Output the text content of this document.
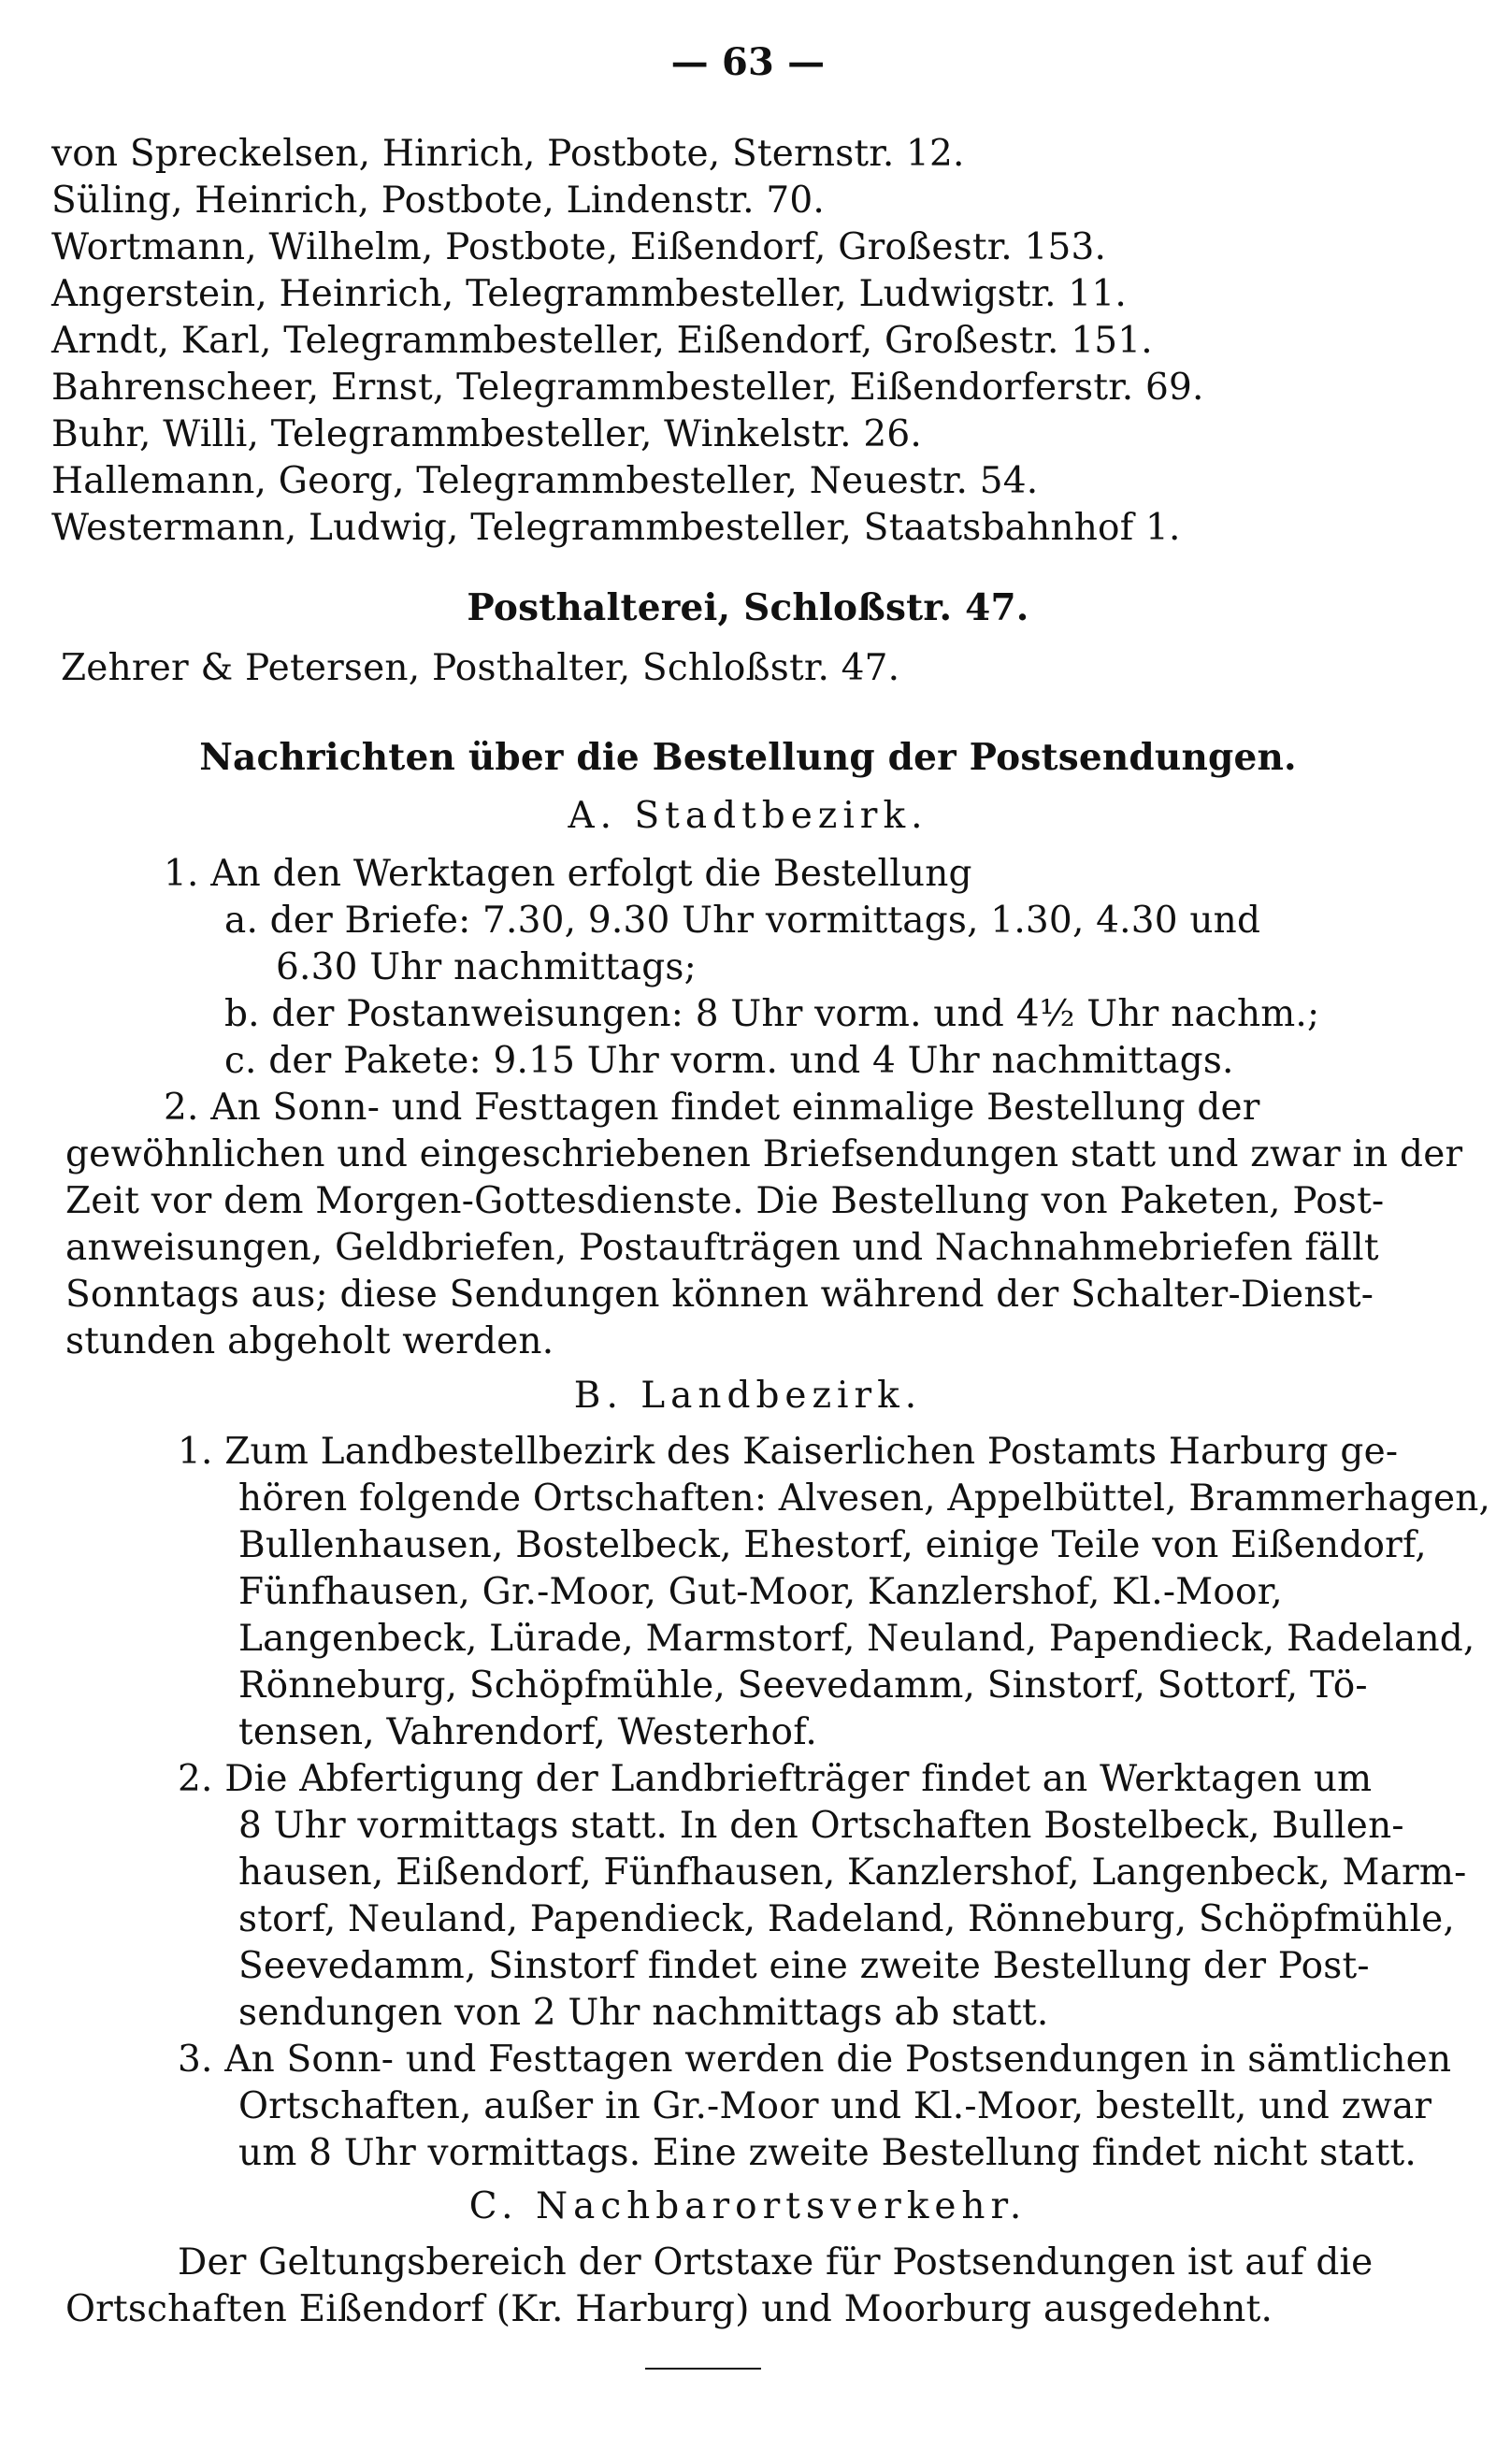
— 63 —
von Spreckelsen, Hinrich, Postbote, Sternstr. 12.
Süling, Heinrich, Postbote, Lindenstr. 70.
Wortmann, Wilhelm, Postbote, Eißendorf, Großestr. 153.
Angerstein, Heinrich, Telegrammbesteller, Ludwigstr. 11.
Arndt, Karl, Telegrammbesteller, Eißendorf, Großestr. 151.
Bahrenscheer, Ernst, Telegrammbesteller, Eißendorferstr. 69.
Buhr, Willi, Telegrammbesteller, Winkelstr. 26.
Hallemann, Georg, Telegrammbesteller, Neuestr. 54.
Westermann, Ludwig, Telegrammbesteller, Staatsbahnhof 1.
Posthalterei, Schloßstr. 47.
Zehrer & Petersen, Posthalter, Schloßstr. 47.
Nachrichten über die Bestellung der Postsendungen.
A. Stadtbezirk.
1. An den Werktagen erfolgt die Bestellung
a. der Briefe: 7.30, 9.30 Uhr vormittags, 1.30, 4.30 und
6.30 Uhr nachmittags;
b. der Postanweisungen: 8 Uhr vorm. und 4½ Uhr nachm.;
c. der Pakete: 9.15 Uhr vorm. und 4 Uhr nachmittags.
2. An Sonn- und Festtagen findet einmalige Bestellung der
gewöhnlichen und eingeschriebenen Briefsendungen statt und zwar in der
Zeit vor dem Morgen-Gottesdienste. Die Bestellung von Paketen, Post-
anweisungen, Geldbriefen, Postaufträgen und Nachnahmebriefen fällt
Sonntags aus; diese Sendungen können während der Schalter-Dienst-
stunden abgeholt werden.
B. Landbezirk.
1. Zum Landbestellbezirk des Kaiserlichen Postamts Harburg ge-
hören folgende Ortschaften: Alvesen, Appelbüttel, Brammerhagen,
Bullenhausen, Bostelbeck, Ehestorf, einige Teile von Eißendorf,
Fünfhausen, Gr.-Moor, Gut-Moor, Kanzlershof, Kl.-Moor,
Langenbeck, Lürade, Marmstorf, Neuland, Papendieck, Radeland,
Rönneburg, Schöpfmühle, Seevedamm, Sinstorf, Sottorf, Tö-
tensen, Vahrendorf, Westerhof.
2. Die Abfertigung der Landbriefträger findet an Werktagen um
8 Uhr vormittags statt. In den Ortschaften Bostelbeck, Bullen-
hausen, Eißendorf, Fünfhausen, Kanzlershof, Langenbeck, Marm-
storf, Neuland, Papendieck, Radeland, Rönneburg, Schöpfmühle,
Seevedamm, Sinstorf findet eine zweite Bestellung der Post-
sendungen von 2 Uhr nachmittags ab statt.
3. An Sonn- und Festtagen werden die Postsendungen in sämtlichen
Ortschaften, außer in Gr.-Moor und Kl.-Moor, bestellt, und zwar
um 8 Uhr vormittags. Eine zweite Bestellung findet nicht statt.
C. Nachbarortsverkehr.
Der Geltungsbereich der Ortstaxe für Postsendungen ist auf die
Ortschaften Eißendorf (Kr. Harburg) und Moorburg ausgedehnt.
